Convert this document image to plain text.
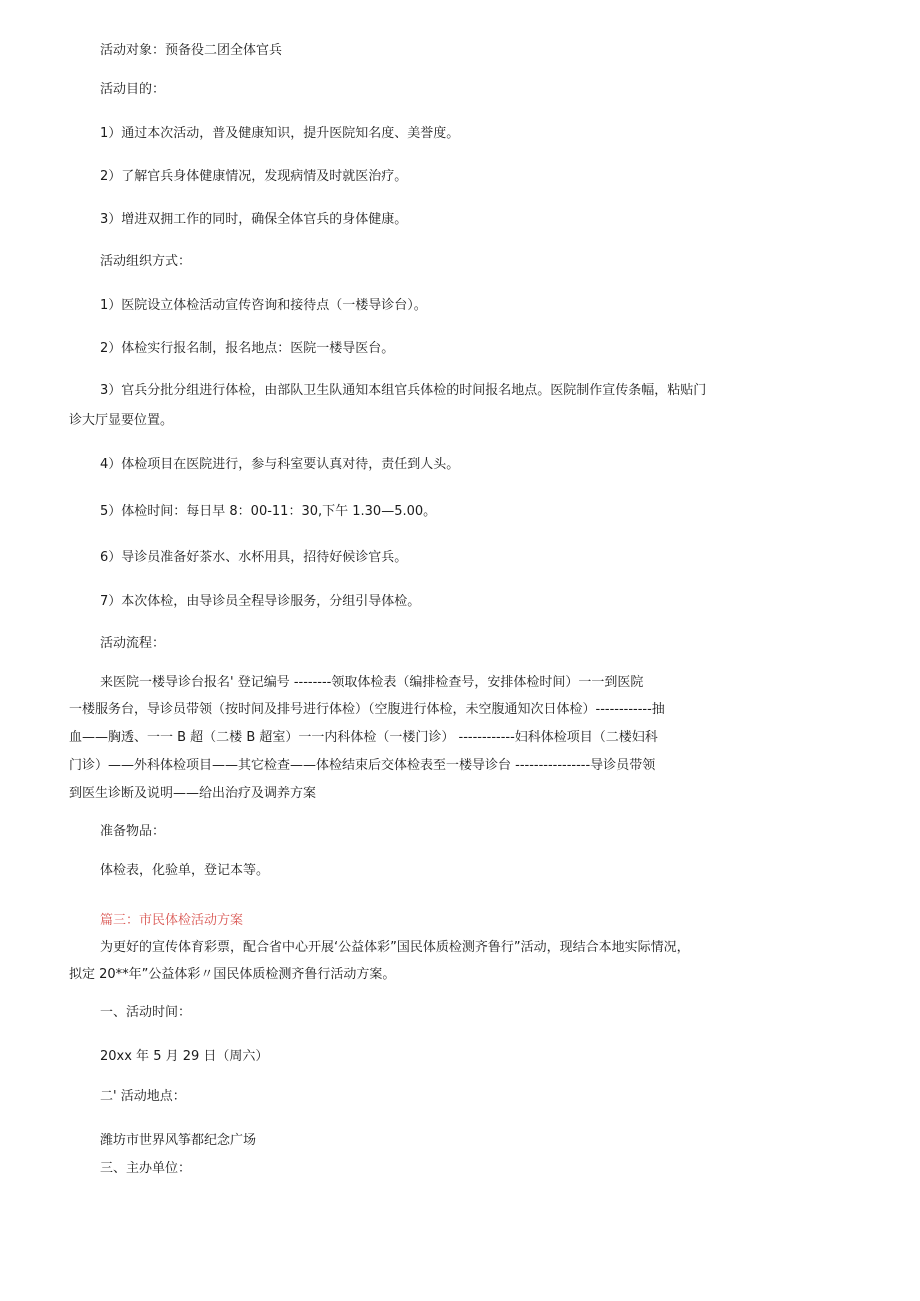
活动对象：预备役二团全体官兵
活动目的：
1）通过本次活动，普及健康知识，提升医院知名度、美誉度。
2）了解官兵身体健康情况，发现病情及时就医治疗。
3）增进双拥工作的同时，确保全体官兵的身体健康。
活动组织方式：
1）医院设立体检活动宣传咨询和接待点（一楼导诊台）。
2）体检实行报名制，报名地点：医院一楼导医台。
3）官兵分批分组进行体检，由部队卫生队通知本组官兵体检的时间报名地点。医院制作宣传条幅，粘贴门
诊大厅显要位置。
4）体检项目在医院进行，参与科室要认真对待，责任到人头。
5）体检时间：每日早 8：00-11：30,下午 1.30—5.00。
6）导诊员准备好茶水、水杯用具，招待好候诊官兵。
7）本次体检，由导诊员全程导诊服务，分组引导体检。
活动流程：
来医院一楼导诊台报名' 登记编号 --------领取体检表（编排检查号，安排体检时间）一一到医院
一楼服务台，导诊员带领（按时间及排号进行体检）（空腹进行体检，未空腹通知次日体检）------------抽
血——胸透、一一 B 超（二楼 B 超室）一一内科体检（一楼门诊） ------------妇科体检项目（二楼妇科
门诊）——外科体检项目——其它检查——体检结束后交体检表至一楼导诊台 ----------------导诊员带领
到医生诊断及说明——给出治疗及调养方案
准备物品：
体检表，化验单，登记本等。
篇三：市民体检活动方案
为更好的宣传体育彩票，配合省中心开展‘公益体彩”国民体质检测齐鲁行”活动，现结合本地实际情况，
拟定 20**年”公益体彩〃国民体质检测齐鲁行活动方案。
一、活动时间：
20xx 年 5 月 29 日（周六）
二' 活动地点：
潍坊市世界风筝都纪念广场
三、主办单位：
